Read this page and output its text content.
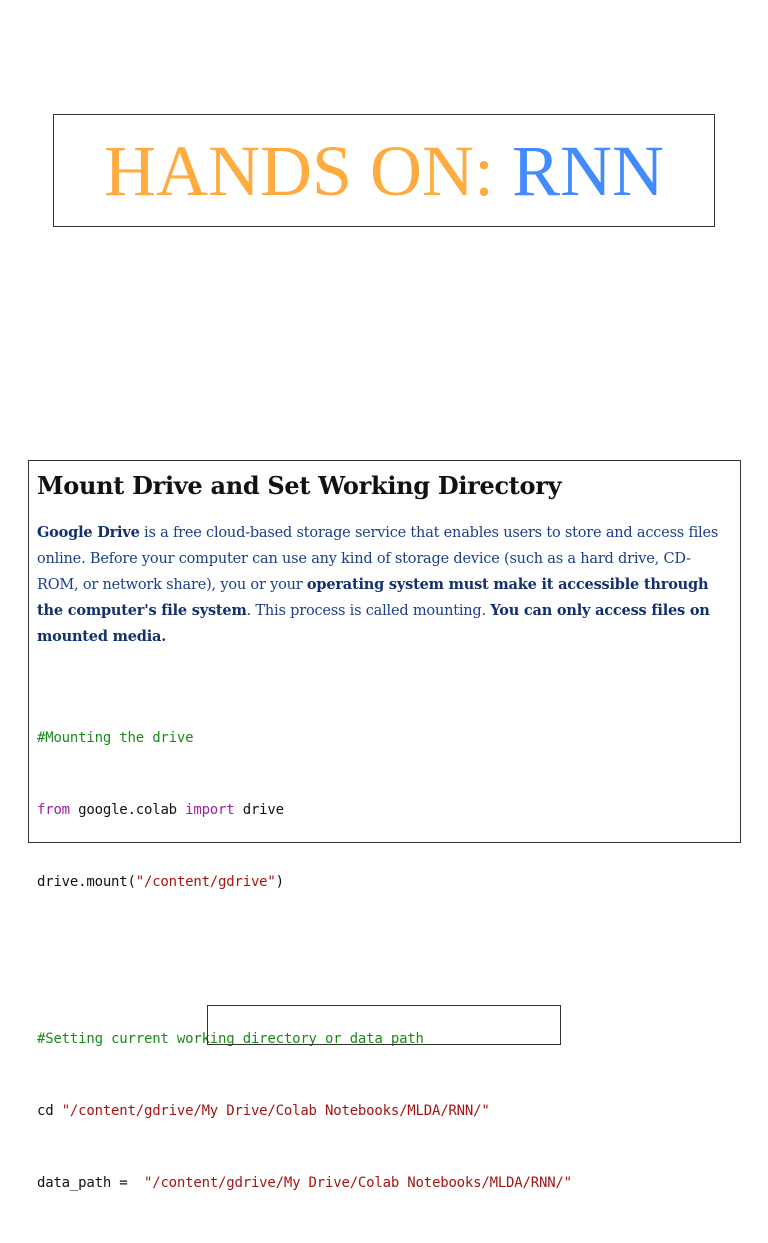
HANDS ON: RNN
Mount Drive and Set Working Directory

Google Drive is a free cloud-based storage service that enables users to store and access files online. Before your computer can use any kind of storage device (such as a hard drive, CD-ROM, or network share), you or your operating system must make it accessible through the computer's file system. This process is called mounting. You can only access files on mounted media.

#Mounting the drive

from google.colab import drive

drive.mount("/content/gdrive")

#Setting current working directory or data path

cd "/content/gdrive/My Drive/Colab Notebooks/MLDA/RNN/"

data_path =  "/content/gdrive/My Drive/Colab Notebooks/MLDA/RNN/"
